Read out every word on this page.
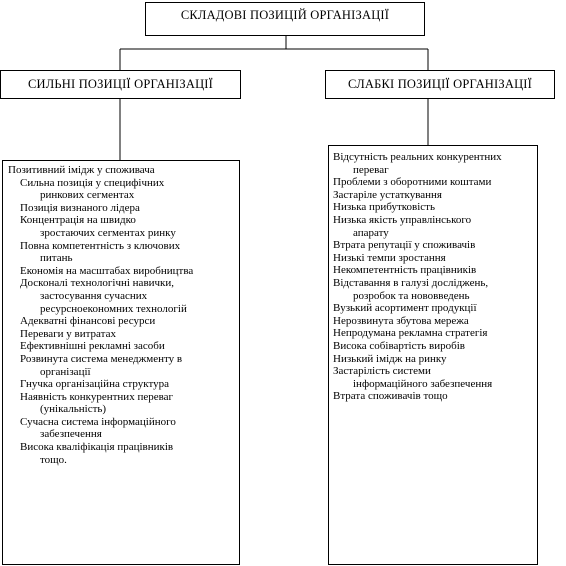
СКЛАДОВІ ПОЗИЦІЙ ОРГАНІЗАЦІЇ
СИЛЬНІ ПОЗИЦІЇ ОРГАНІЗАЦІЇ	СЛАБКІ ПОЗИЦІЇ ОРГАНІЗАЦІЇ
Позитивний імідж у споживача
Сильна позиція у специфічних
ринкових сегментах
Позиція визнаного лідера
Концентрація на швидко
зростаючих сегментах ринку
Повна компетентність з ключових
питань
Економія на масштабах виробництва
Досконалі технологічні навички,
застосування сучасних
ресурсноекономних технологій
Адекватні фінансові ресурси
Переваги у витратах
Ефективнішні рекламні засоби
Розвинута система менеджменту в
організації
Гнучка організаційна структура
Наявність конкурентних переваг
(унікальність)
Сучасна система інформаційного
забезпечення
Висока кваліфікація працівників
тощо.
Відсутність реальних конкурентних
переваг
Проблеми з оборотними коштами
Застаріле устаткування
Низька прибутковість
Низька якість управлінського
апарату
Втрата репутації у споживачів
Низькі темпи зростання
Некомпетентність працівників
Відставання в галузі досліджень,
розробок та нововведень
Вузький асортимент продукції
Нерозвинута збутова мережа
Непродумана рекламна стратегія
Висока собівартість виробів
Низький імідж на ринку
Застарілість системи
інформаційного забезпечення
Втрата споживачів тощо
